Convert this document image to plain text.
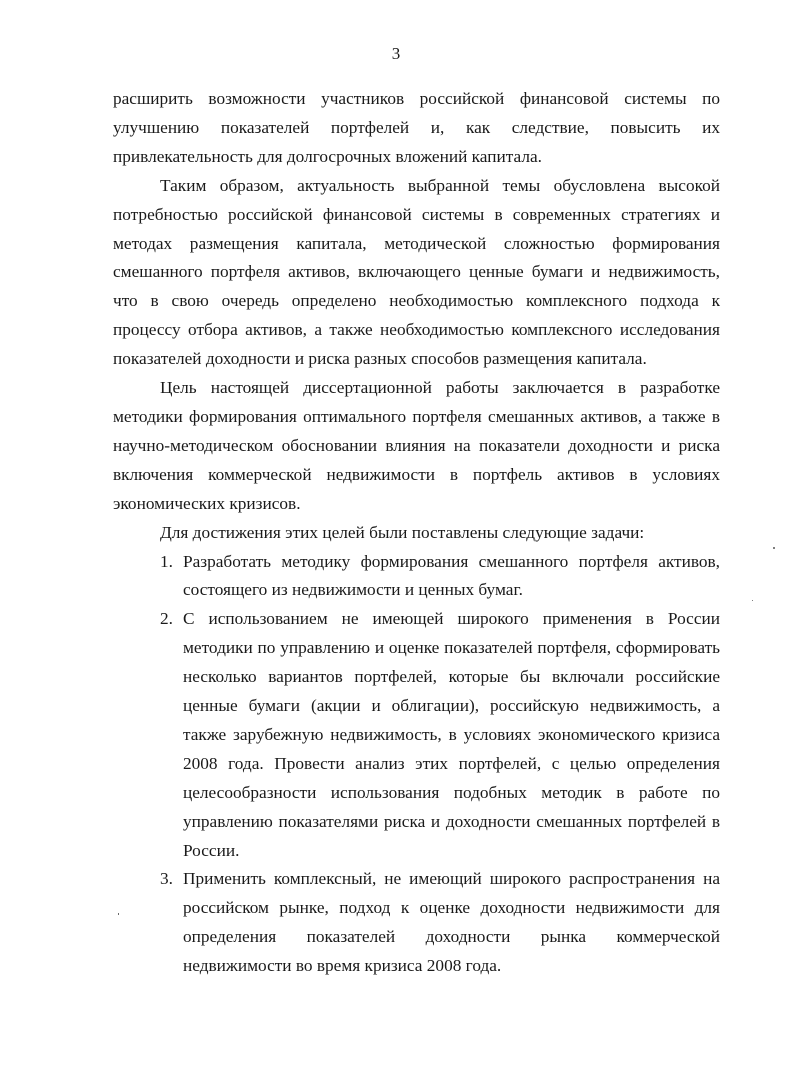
3

расширить возможности участников российской финансовой системы по улучшению показателей портфелей и, как следствие, повысить их привлекательность для долгосрочных вложений капитала.

Таким образом, актуальность выбранной темы обусловлена высокой потребностью российской финансовой системы в современных стратегиях и методах размещения капитала, методической сложностью формирования смешанного портфеля активов, включающего ценные бумаги и недвижимость, что в свою очередь определено необходимостью комплексного подхода к процессу отбора активов, а также необходимостью комплексного исследования показателей доходности и риска разных способов размещения капитала.

Цель настоящей диссертационной работы заключается в разработке методики формирования оптимального портфеля смешанных активов, а также в научно-методическом обосновании влияния на показатели доходности и риска включения коммерческой недвижимости в портфель активов в условиях экономических кризисов.

Для достижения этих целей были поставлены следующие задачи:

1. Разработать методику формирования смешанного портфеля активов, состоящего из недвижимости и ценных бумаг.
2. С использованием не имеющей широкого применения в России методики по управлению и оценке показателей портфеля, сформировать несколько вариантов портфелей, которые бы включали российские ценные бумаги (акции и облигации), российскую недвижимость, а также зарубежную недвижимость, в условиях экономического кризиса 2008 года. Провести анализ этих портфелей, с целью определения целесообразности использования подобных методик в работе по управлению показателями риска и доходности смешанных портфелей в России.
3. Применить комплексный, не имеющий широкого распространения на российском рынке, подход к оценке доходности недвижимости для определения показателей доходности рынка коммерческой недвижимости во время кризиса 2008 года.
